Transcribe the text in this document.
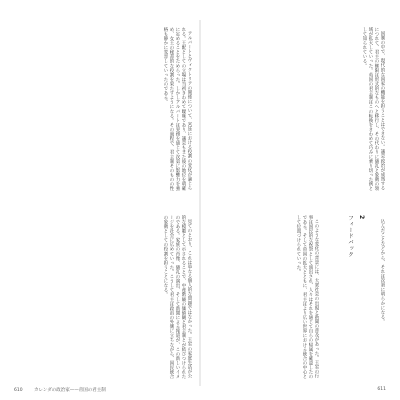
アルバートとヴィクトリアの関係について、宮廷における役割の変化が論じられる。王配としての立場は当初きわめて曖昧であり、議会もまた彼の地位を明確に定めることをためらった。しかしアルバートは実務を通じて次第に影響力を強め、女王の秘書的な役割を果たすようになる。その過程で、君主制そのものの性格も静かに変容していったのである。

見てのとおり、これは単なる個人的な問題ではなかった。王室の家庭生活が公的な模範として示されることで、中産階級の価値観と君主制とが結びつけられたのである。家族の肖像、儀礼の演出、そして新聞による報道が、この新しいイメージを社会に広めていった。こうして君主は政治の外側に立ちながら、国民統合の象徴としての役割を担うことになる。

国制の中で、現代的な国家の機能を担うことはできない。議会政治が成熟するにつれて、君主の権限は形式的なものへと移行し、その代わりに儀礼と象徴の領域が拡大していった。英国の君主制はこの転換をきわめて巧みに乗り切った例として知られている。

このような変化の背景には、大衆社会の出現と新聞の普及があった。王室の行事は国民的な祝祭として演出され、人々はそれを通じて自らの帰属を確認したのである。そして帝国の拡大とともに、君主はより広い世界における統合の中心として位置づけられていった。	2
フィードバック	込んだことなどから、それは次第に明らかになる。

610	カレンダの政治家——帝国の君主制	611
